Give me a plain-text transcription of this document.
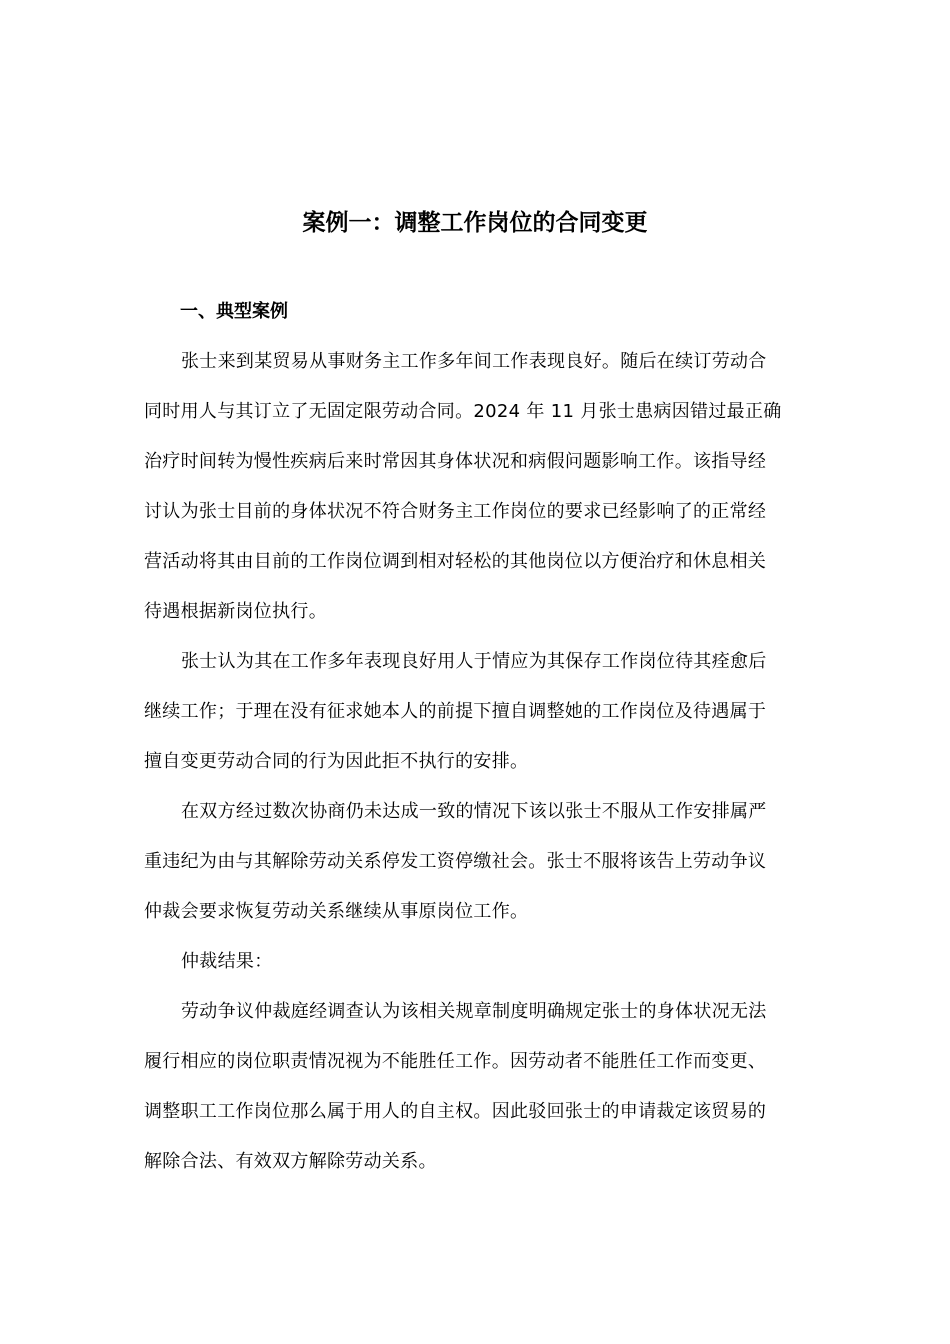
案例一：调整工作岗位的合同变更
一、典型案例
张士来到某贸易从事财务主工作多年间工作表现良好。随后在续订劳动合
同时用人与其订立了无固定限劳动合同。2024 年 11 月张士患病因错过最正确
治疗时间转为慢性疾病后来时常因其身体状况和病假问题影响工作。该指导经
讨认为张士目前的身体状况不符合财务主工作岗位的要求已经影响了的正常经
营活动将其由目前的工作岗位调到相对轻松的其他岗位以方便治疗和休息相关
待遇根据新岗位执行。
张士认为其在工作多年表现良好用人于情应为其保存工作岗位待其痊愈后
继续工作；于理在没有征求她本人的前提下擅自调整她的工作岗位及待遇属于
擅自变更劳动合同的行为因此拒不执行的安排。
在双方经过数次协商仍未达成一致的情况下该以张士不服从工作安排属严
重违纪为由与其解除劳动关系停发工资停缴社会。张士不服将该告上劳动争议
仲裁会要求恢复劳动关系继续从事原岗位工作。
仲裁结果：
劳动争议仲裁庭经调查认为该相关规章制度明确规定张士的身体状况无法
履行相应的岗位职责情况视为不能胜任工作。因劳动者不能胜任工作而变更、
调整职工工作岗位那么属于用人的自主权。因此驳回张士的申请裁定该贸易的
解除合法、有效双方解除劳动关系。
